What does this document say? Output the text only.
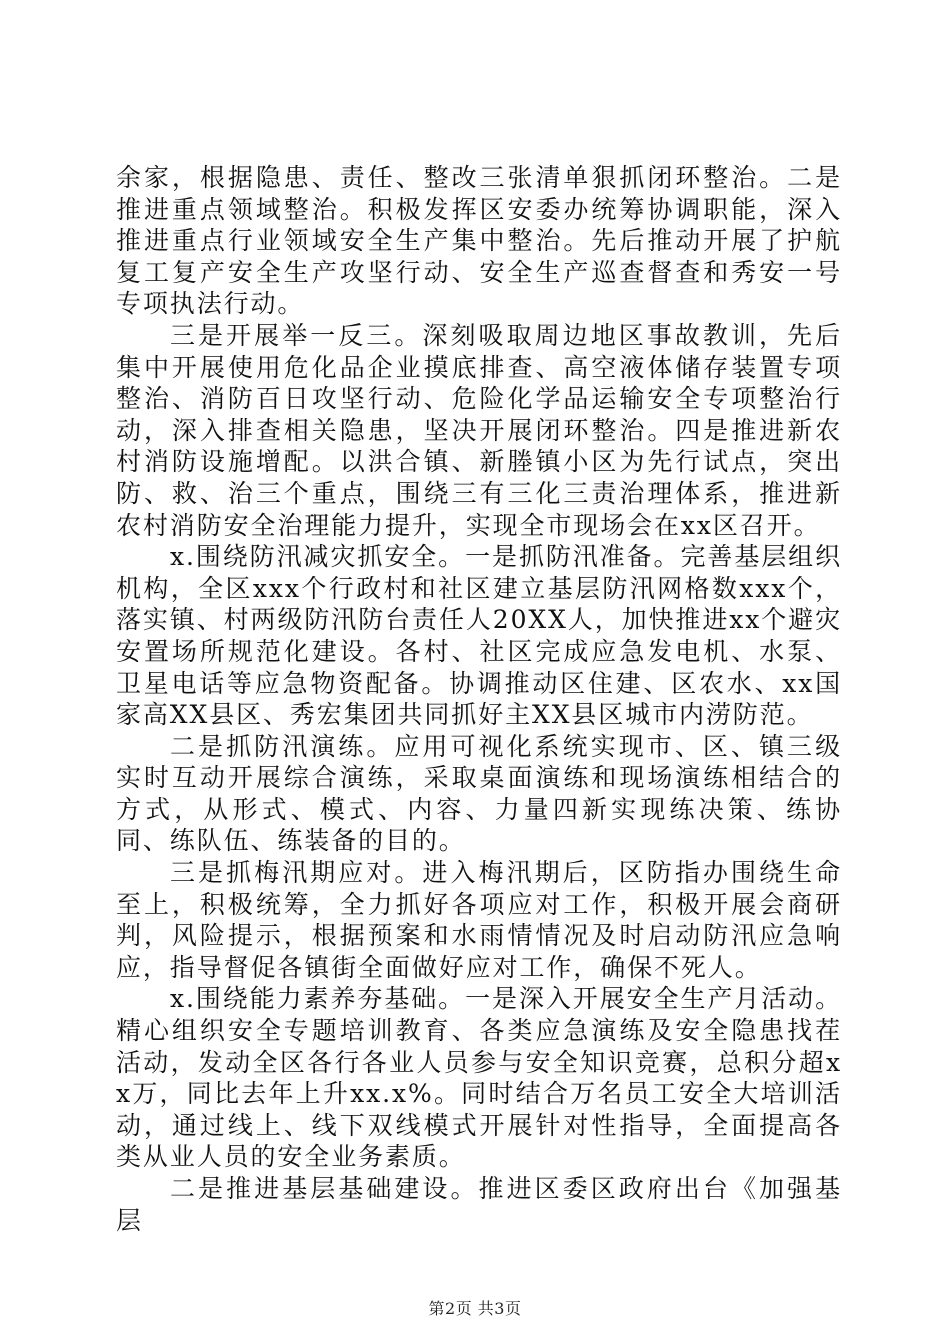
余家，根据隐患、责任、整改三张清单狠抓闭环整治。二是推进重点领域整治。积极发挥区安委办统筹协调职能，深入推进重点行业领域安全生产集中整治。先后推动开展了护航复工复产安全生产攻坚行动、安全生产巡查督查和秀安一号专项执法行动。

三是开展举一反三。深刻吸取周边地区事故教训，先后集中开展使用危化品企业摸底排查、高空液体储存装置专项整治、消防百日攻坚行动、危险化学品运输安全专项整治行动，深入排查相关隐患，坚决开展闭环整治。四是推进新农村消防设施增配。以洪合镇、新塍镇小区为先行试点，突出防、救、治三个重点，围绕三有三化三责治理体系，推进新农村消防安全治理能力提升，实现全市现场会在xx区召开。

x.围绕防汛减灾抓安全。一是抓防汛准备。完善基层组织机构，全区xxx个行政村和社区建立基层防汛网格数xxx个，落实镇、村两级防汛防台责任人20XX人，加快推进xx个避灾安置场所规范化建设。各村、社区完成应急发电机、水泵、卫星电话等应急物资配备。协调推动区住建、区农水、xx国家高XX县区、秀宏集团共同抓好主XX县区城市内涝防范。

二是抓防汛演练。应用可视化系统实现市、区、镇三级实时互动开展综合演练，采取桌面演练和现场演练相结合的方式，从形式、模式、内容、力量四新实现练决策、练协同、练队伍、练装备的目的。

三是抓梅汛期应对。进入梅汛期后，区防指办围绕生命至上，积极统筹，全力抓好各项应对工作，积极开展会商研判，风险提示，根据预案和水雨情情况及时启动防汛应急响应，指导督促各镇街全面做好应对工作，确保不死人。

x.围绕能力素养夯基础。一是深入开展安全生产月活动。精心组织安全专题培训教育、各类应急演练及安全隐患找茬活动，发动全区各行各业人员参与安全知识竞赛，总积分超xx万，同比去年上升xx.x%。同时结合万名员工安全大培训活动，通过线上、线下双线模式开展针对性指导，全面提高各类从业人员的安全业务素质。

二是推进基层基础建设。推进区委区政府出台《加强基层

第2页 共3页
